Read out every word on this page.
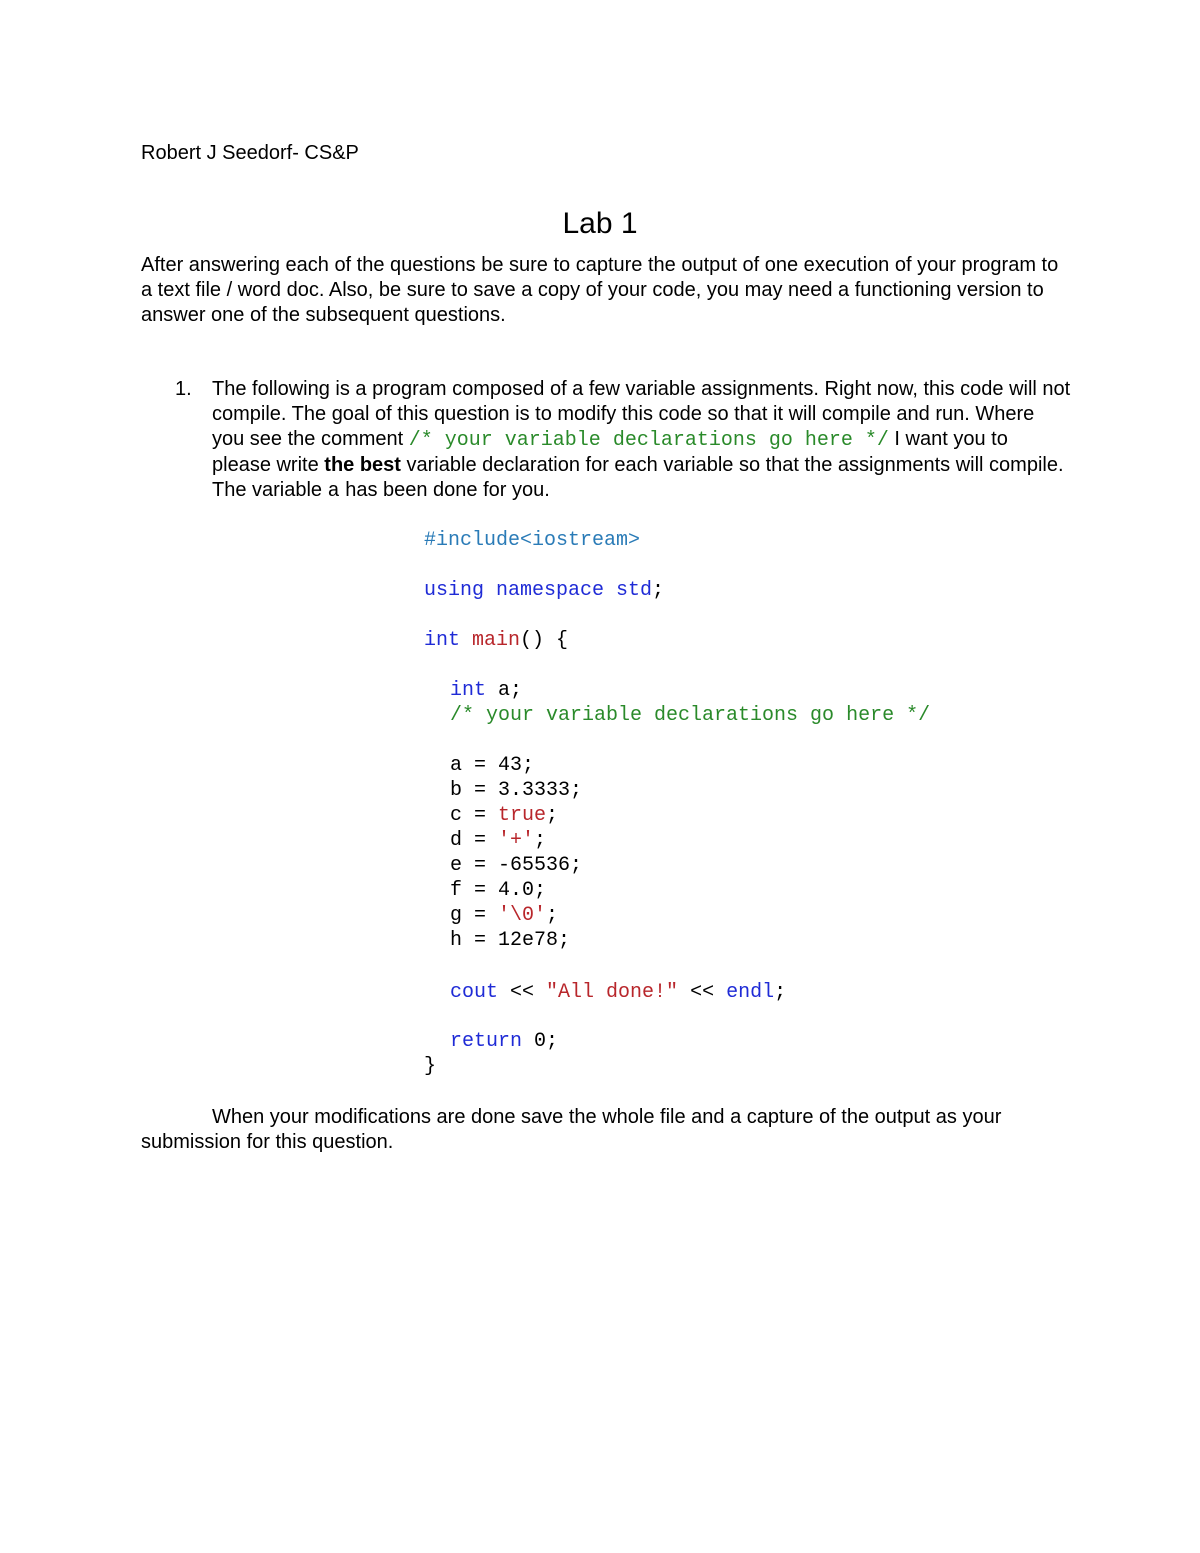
Robert J Seedorf- CS&P
Lab 1
After answering each of the questions be sure to capture the output of one execution of your program to a text file / word doc. Also, be sure to save a copy of your code, you may need a functioning version to answer one of the subsequent questions.
1. The following is a program composed of a few variable assignments. Right now, this code will not compile. The goal of this question is to modify this code so that it will compile and run. Where you see the comment /* your variable declarations go here */ I want you to please write the best variable declaration for each variable so that the assignments will compile. The variable a has been done for you.
#include<iostream>
using namespace std;
int main() {
int a;
/* your variable declarations go here */
a = 43;
b = 3.3333;
c = true;
d = '+';
e = -65536;
f = 4.0;
g = '\0';
h = 12e78;
cout << "All done!" << endl;
return 0;
}
When your modifications are done save the whole file and a capture of the output as your submission for this question.
